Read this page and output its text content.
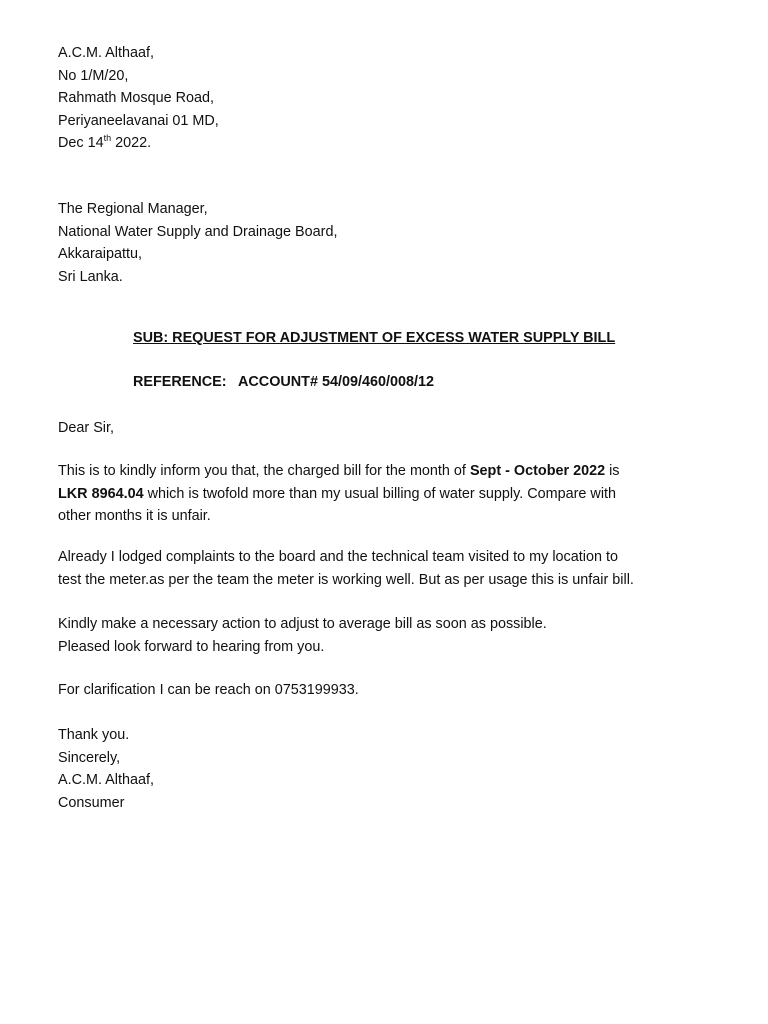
A.C.M. Althaaf,
No 1/M/20,
Rahmath Mosque Road,
Periyaneelavanai 01 MD,
Dec 14th 2022.
The Regional Manager,
National Water Supply and Drainage Board,
Akkaraipattu,
Sri Lanka.
SUB: REQUEST FOR ADJUSTMENT OF EXCESS WATER SUPPLY BILL
REFERENCE: ACCOUNT# 54/09/460/008/12
Dear Sir,
This is to kindly inform you that, the charged bill for the month of Sept - October 2022 is
LKR 8964.04 which is twofold more than my usual billing of water supply. Compare with
other months it is unfair.
Already I lodged complaints to the board and the technical team visited to my location to
test the meter.as per the team the meter is working well. But as per usage this is unfair bill.
Kindly make a necessary action to adjust to average bill as soon as possible.
Pleased look forward to hearing from you.
For clarification I can be reach on 0753199933.
Thank you.
Sincerely,
A.C.M. Althaaf,
Consumer
